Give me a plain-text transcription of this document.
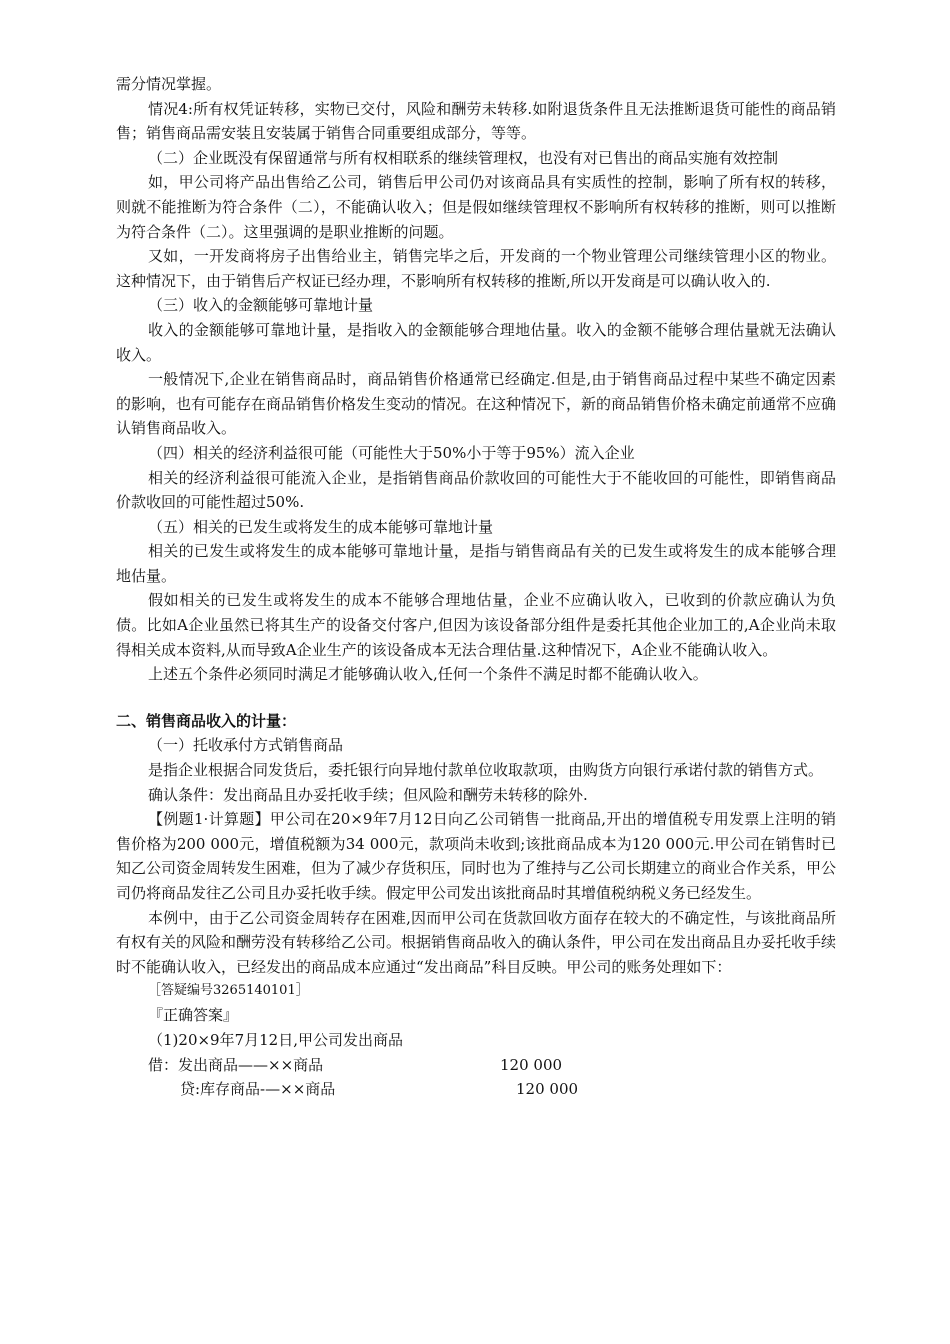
需分情况掌握。

情况4:所有权凭证转移，实物已交付，风险和酬劳未转移.如附退货条件且无法推断退货可能性的商品销售；销售商品需安装且安装属于销售合同重要组成部分，等等。

（二）企业既没有保留通常与所有权相联系的继续管理权，也没有对已售出的商品实施有效控制

如，甲公司将产品出售给乙公司，销售后甲公司仍对该商品具有实质性的控制，影响了所有权的转移，则就不能推断为符合条件（二），不能确认收入；但是假如继续管理权不影响所有权转移的推断，则可以推断为符合条件（二）。这里强调的是职业推断的问题。

又如，一开发商将房子出售给业主，销售完毕之后，开发商的一个物业管理公司继续管理小区的物业。这种情况下，由于销售后产权证已经办理，不影响所有权转移的推断,所以开发商是可以确认收入的.

（三）收入的金额能够可靠地计量

收入的金额能够可靠地计量，是指收入的金额能够合理地估量。收入的金额不能够合理估量就无法确认收入。

一般情况下,企业在销售商品时，商品销售价格通常已经确定.但是,由于销售商品过程中某些不确定因素的影响，也有可能存在商品销售价格发生变动的情况。在这种情况下，新的商品销售价格未确定前通常不应确认销售商品收入。

（四）相关的经济利益很可能（可能性大于50%小于等于95%）流入企业

相关的经济利益很可能流入企业，是指销售商品价款收回的可能性大于不能收回的可能性，即销售商品价款收回的可能性超过50%.

（五）相关的已发生或将发生的成本能够可靠地计量

相关的已发生或将发生的成本能够可靠地计量，是指与销售商品有关的已发生或将发生的成本能够合理地估量。

假如相关的已发生或将发生的成本不能够合理地估量，企业不应确认收入，已收到的价款应确认为负债。比如A企业虽然已将其生产的设备交付客户,但因为该设备部分组件是委托其他企业加工的,A企业尚未取得相关成本资料,从而导致A企业生产的该设备成本无法合理估量.这种情况下，A企业不能确认收入。

上述五个条件必须同时满足才能够确认收入,任何一个条件不满足时都不能确认收入。

二、销售商品收入的计量：

（一）托收承付方式销售商品

是指企业根据合同发货后，委托银行向异地付款单位收取款项，由购货方向银行承诺付款的销售方式。

确认条件：发出商品且办妥托收手续；但风险和酬劳未转移的除外.

【例题1·计算题】甲公司在20×9年7月12日向乙公司销售一批商品,开出的增值税专用发票上注明的销售价格为200 000元，增值税额为34 000元，款项尚未收到;该批商品成本为120 000元.甲公司在销售时已知乙公司资金周转发生困难，但为了减少存货积压，同时也为了维持与乙公司长期建立的商业合作关系，甲公司仍将商品发往乙公司且办妥托收手续。假定甲公司发出该批商品时其增值税纳税义务已经发生。

本例中，由于乙公司资金周转存在困难,因而甲公司在货款回收方面存在较大的不确定性，与该批商品所有权有关的风险和酬劳没有转移给乙公司。根据销售商品收入的确认条件，甲公司在发出商品且办妥托收手续时不能确认收入，已经发出的商品成本应通过“发出商品”科目反映。甲公司的账务处理如下：

［答疑编号3265140101］

『正确答案』

（1)20×9年7月12日,甲公司发出商品

借：发出商品——××商品	120 000
贷:库存商品-—××商品	120 000
